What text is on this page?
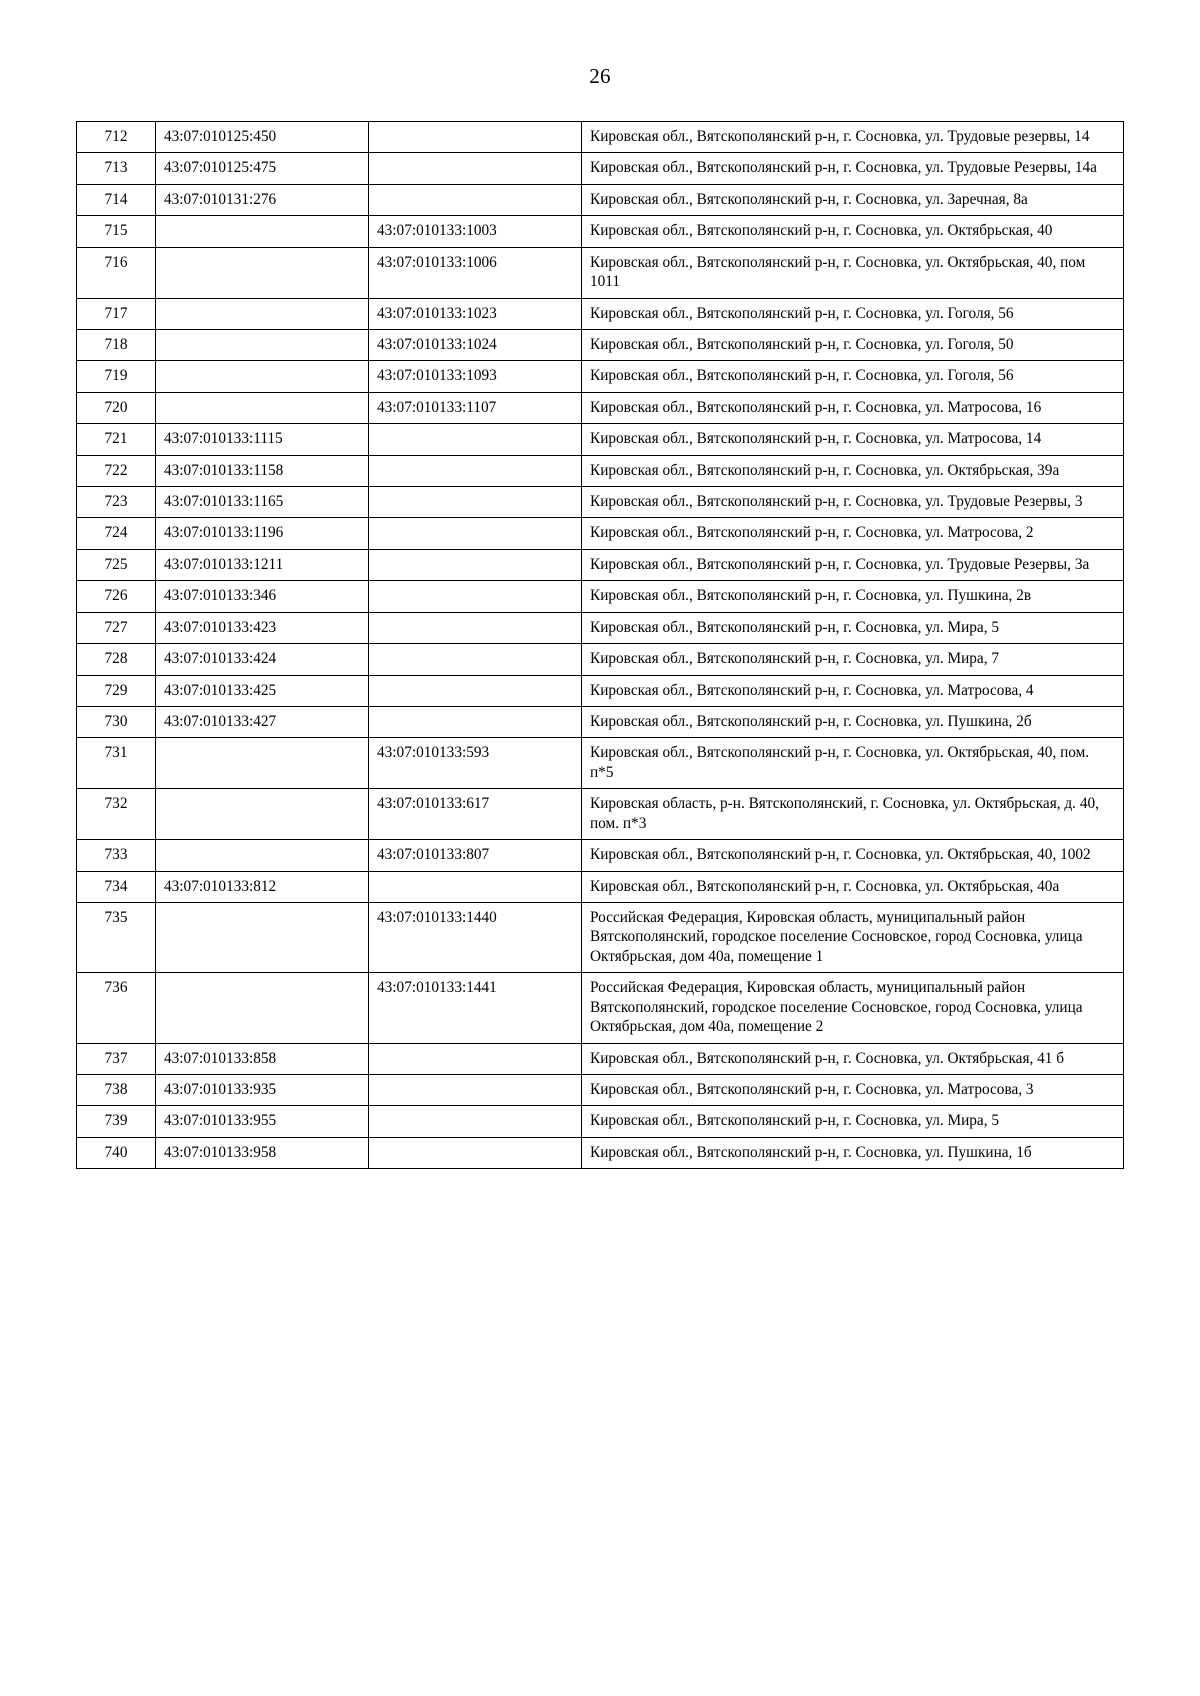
26
712	43:07:010125:450		Кировская обл., Вятскополянский р-н, г. Сосновка, ул. Трудовые резервы, 14

713	43:07:010125:475		Кировская обл., Вятскополянский р-н, г. Сосновка, ул. Трудовые Резервы, 14а

714	43:07:010131:276		Кировская обл., Вятскополянский р-н, г. Сосновка, ул. Заречная, 8а

715		43:07:010133:1003	Кировская обл., Вятскополянский р-н, г. Сосновка, ул. Октябрьская, 40

716		43:07:010133:1006	Кировская обл., Вятскополянский р-н, г. Сосновка, ул. Октябрьская, 40, пом 1011

717		43:07:010133:1023	Кировская обл., Вятскополянский р-н, г. Сосновка, ул. Гоголя, 56

718		43:07:010133:1024	Кировская обл., Вятскополянский р-н, г. Сосновка, ул. Гоголя, 50

719		43:07:010133:1093	Кировская обл., Вятскополянский р-н, г. Сосновка, ул. Гоголя, 56

720		43:07:010133:1107	Кировская обл., Вятскополянский р-н, г. Сосновка, ул. Матросова, 16

721	43:07:010133:1115		Кировская обл., Вятскополянский р-н, г. Сосновка, ул. Матросова, 14

722	43:07:010133:1158		Кировская обл., Вятскополянский р-н, г. Сосновка, ул. Октябрьская, 39а

723	43:07:010133:1165		Кировская обл., Вятскополянский р-н, г. Сосновка, ул. Трудовые Резервы, 3

724	43:07:010133:1196		Кировская обл., Вятскополянский р-н, г. Сосновка, ул. Матросова, 2

725	43:07:010133:1211		Кировская обл., Вятскополянский р-н, г. Сосновка, ул. Трудовые Резервы, 3а

726	43:07:010133:346		Кировская обл., Вятскополянский р-н, г. Сосновка, ул. Пушкина, 2в

727	43:07:010133:423		Кировская обл., Вятскополянский р-н, г. Сосновка, ул. Мира, 5

728	43:07:010133:424		Кировская обл., Вятскополянский р-н, г. Сосновка, ул. Мира, 7

729	43:07:010133:425		Кировская обл., Вятскополянский р-н, г. Сосновка, ул. Матросова, 4

730	43:07:010133:427		Кировская обл., Вятскополянский р-н, г. Сосновка, ул. Пушкина, 2б

731		43:07:010133:593	Кировская обл., Вятскополянский р-н, г. Сосновка, ул. Октябрьская, 40, пом. п*5

732		43:07:010133:617	Кировская область, р-н. Вятскополянский, г. Сосновка, ул. Октябрьская, д. 40, пом. п*3

733		43:07:010133:807	Кировская обл., Вятскополянский р-н, г. Сосновка, ул. Октябрьская, 40, 1002

734	43:07:010133:812		Кировская обл., Вятскополянский р-н, г. Сосновка, ул. Октябрьская, 40а

735		43:07:010133:1440	Российская Федерация, Кировская область, муниципальный район Вятскополянский, городское поселение Сосновское, город Сосновка, улица Октябрьская, дом 40а, помещение 1

736		43:07:010133:1441	Российская Федерация, Кировская область, муниципальный район Вятскополянский, городское поселение Сосновское, город Сосновка, улица Октябрьская, дом 40а, помещение 2

737	43:07:010133:858		Кировская обл., Вятскополянский р-н, г. Сосновка, ул. Октябрьская, 41 б

738	43:07:010133:935		Кировская обл., Вятскополянский р-н, г. Сосновка, ул. Матросова, 3

739	43:07:010133:955		Кировская обл., Вятскополянский р-н, г. Сосновка, ул. Мира, 5

740	43:07:010133:958		Кировская обл., Вятскополянский р-н, г. Сосновка, ул. Пушкина, 1б
